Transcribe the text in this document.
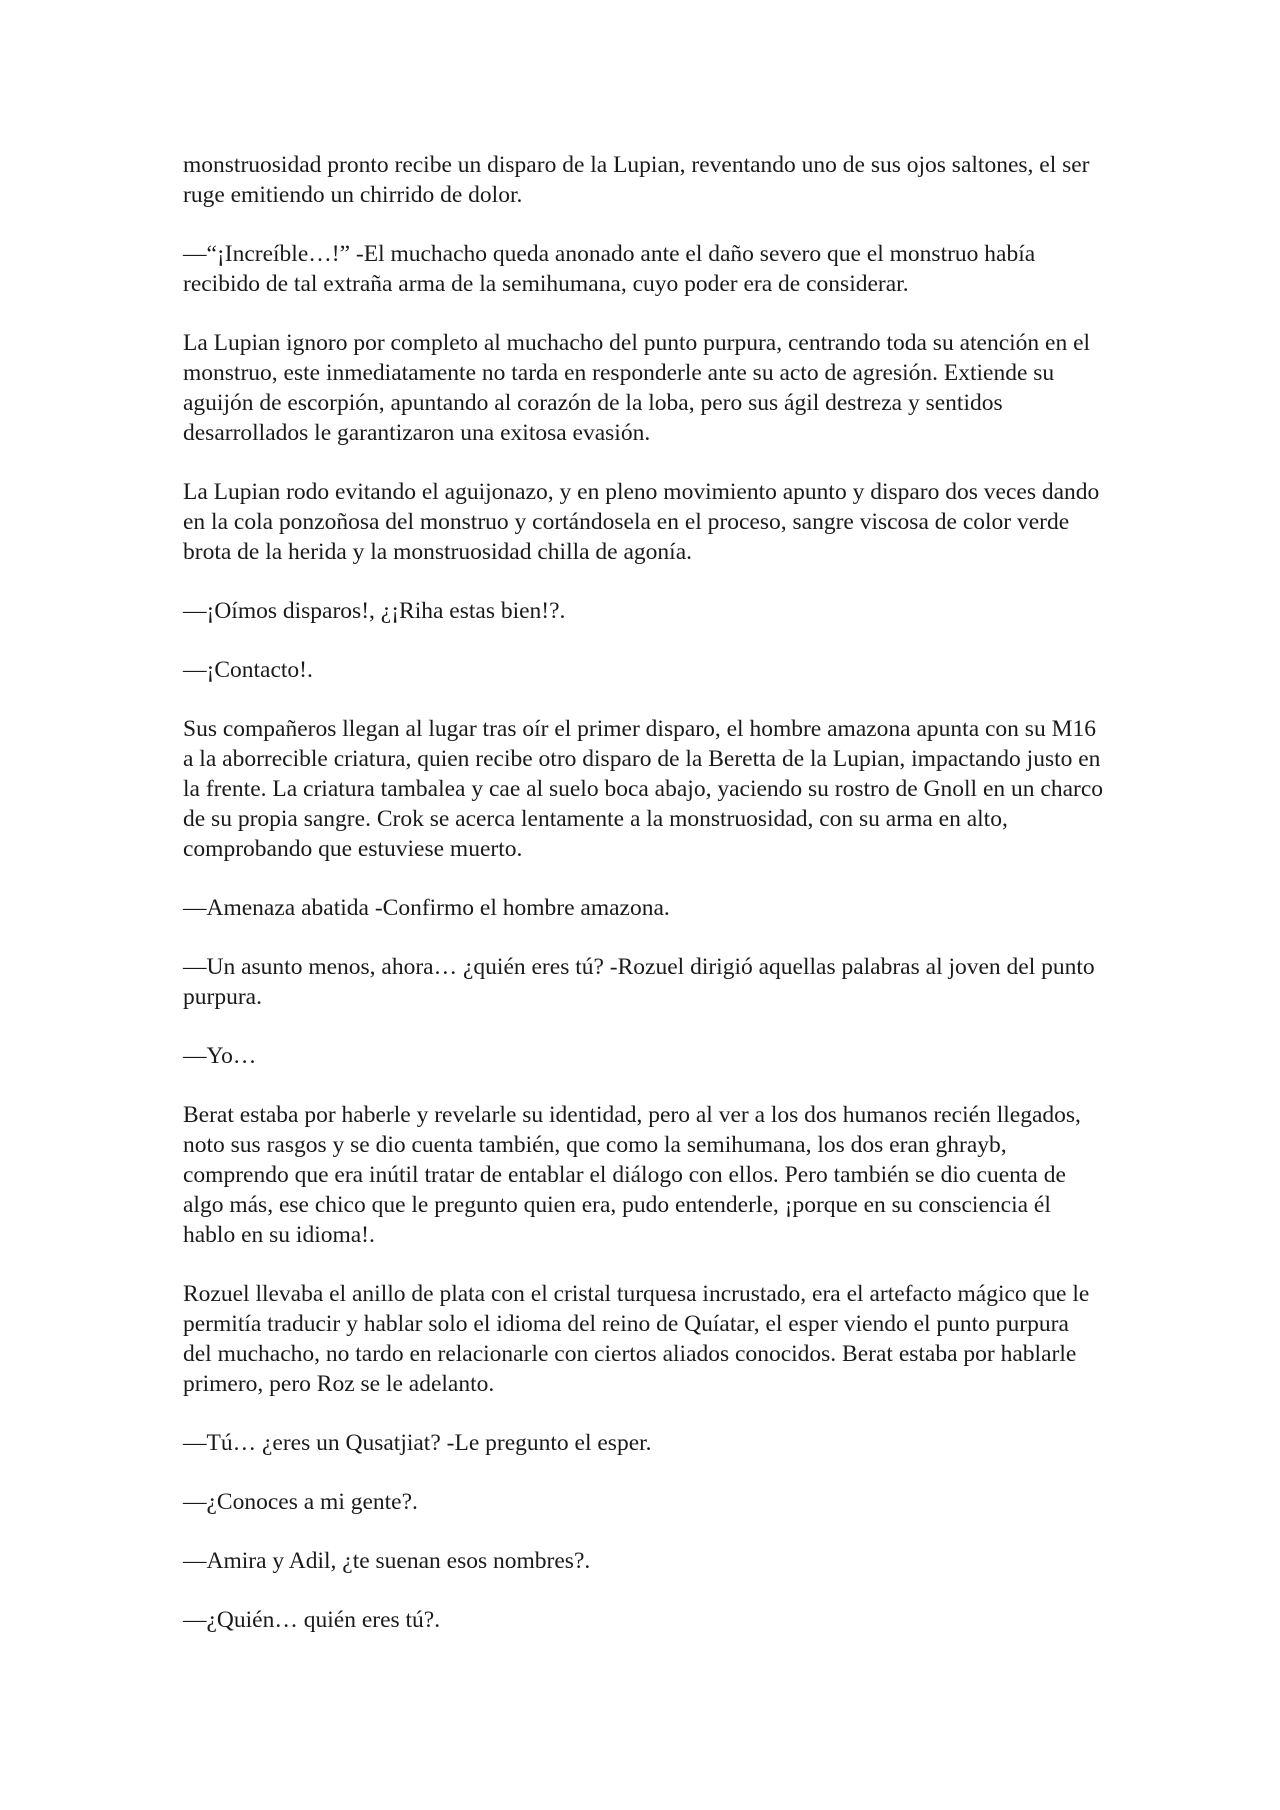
monstruosidad pronto recibe un disparo de la Lupian, reventando uno de sus ojos saltones, el ser ruge emitiendo un chirrido de dolor.

—“¡Increíble…!” -El muchacho queda anonado ante el daño severo que el monstruo había recibido de tal extraña arma de la semihumana, cuyo poder era de considerar.

La Lupian ignoro por completo al muchacho del punto purpura, centrando toda su atención en el monstruo, este inmediatamente no tarda en responderle ante su acto de agresión. Extiende su aguijón de escorpión, apuntando al corazón de la loba, pero sus ágil destreza y sentidos desarrollados le garantizaron una exitosa evasión.

La Lupian rodo evitando el aguijonazo, y en pleno movimiento apunto y disparo dos veces dando en la cola ponzoñosa del monstruo y cortándosela en el proceso, sangre viscosa de color verde brota de la herida y la monstruosidad chilla de agonía.

—¡Oímos disparos!, ¿¡Riha estas bien!?.

—¡Contacto!.

Sus compañeros llegan al lugar tras oír el primer disparo, el hombre amazona apunta con su M16 a la aborrecible criatura, quien recibe otro disparo de la Beretta de la Lupian, impactando justo en la frente. La criatura tambalea y cae al suelo boca abajo, yaciendo su rostro de Gnoll en un charco de su propia sangre. Crok se acerca lentamente a la monstruosidad, con su arma en alto, comprobando que estuviese muerto.

—Amenaza abatida -Confirmo el hombre amazona.

—Un asunto menos, ahora… ¿quién eres tú? -Rozuel dirigió aquellas palabras al joven del punto purpura.

—Yo…

Berat estaba por haberle y revelarle su identidad, pero al ver a los dos humanos recién llegados, noto sus rasgos y se dio cuenta también, que como la semihumana, los dos eran ghrayb, comprendo que era inútil tratar de entablar el diálogo con ellos. Pero también se dio cuenta de algo más, ese chico que le pregunto quien era, pudo entenderle, ¡porque en su consciencia él hablo en su idioma!.

Rozuel llevaba el anillo de plata con el cristal turquesa incrustado, era el artefacto mágico que le permitía traducir y hablar solo el idioma del reino de Quíatar, el esper viendo el punto purpura del muchacho, no tardo en relacionarle con ciertos aliados conocidos. Berat estaba por hablarle primero, pero Roz se le adelanto.

—Tú… ¿eres un Qusatjiat? -Le pregunto el esper.

—¿Conoces a mi gente?.

—Amira y Adil, ¿te suenan esos nombres?.

—¿Quién… quién eres tú?.
